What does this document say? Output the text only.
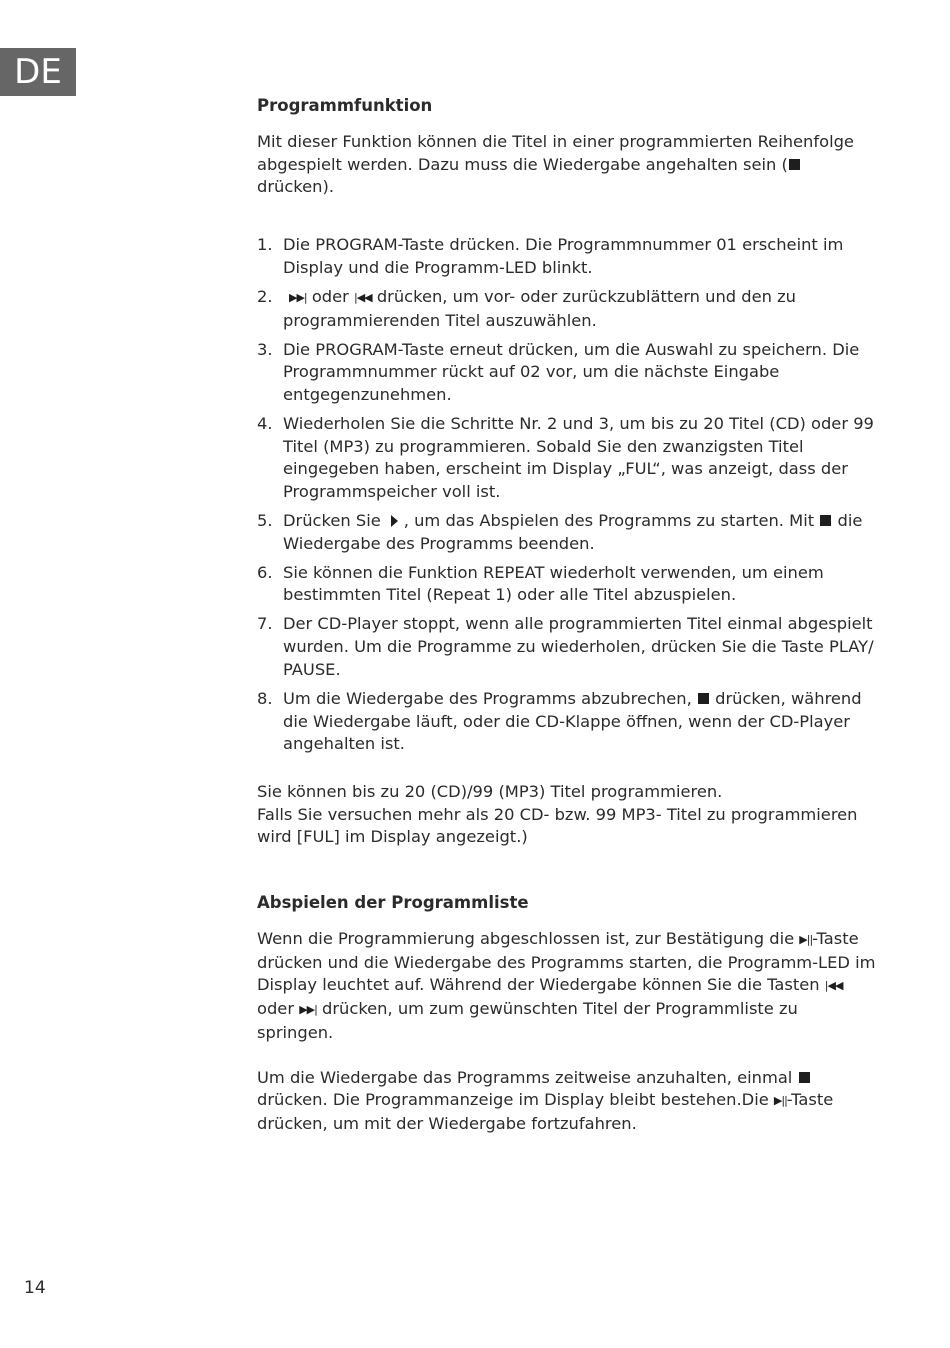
DE
Programmfunktion

Mit dieser Funktion können die Titel in einer programmierten Reihenfolge abgespielt werden. Dazu muss die Wiedergabe angehalten sein (
drücken).

1. Die PROGRAM-Taste drücken. Die Programmnummer 01 erscheint im Display und die Programm-LED blinkt.
2. ▶▶| oder |◀◀ drücken, um vor- oder zurückzublättern und den zu programmierenden Titel auszuwählen.
3. Die PROGRAM-Taste erneut drücken, um die Auswahl zu speichern. Die Programmnummer rückt auf 02 vor, um die nächste Eingabe entgegenzunehmen.
4. Wiederholen Sie die Schritte Nr. 2 und 3, um bis zu 20 Titel (CD) oder 99 Titel (MP3) zu programmieren. Sobald Sie den zwanzigsten Titel eingegeben haben, erscheint im Display „FUL“, was anzeigt, dass der Programmspeicher voll ist.
5. Drücken Sie , um das Abspielen des Programms zu starten. Mit die Wiedergabe des Programms beenden.
6. Sie können die Funktion REPEAT wiederholt verwenden, um einem bestimmten Titel (Repeat 1) oder alle Titel abzuspielen.
7. Der CD-Player stoppt, wenn alle programmierten Titel einmal abgespielt wurden. Um die Programme zu wiederholen, drücken Sie die Taste PLAY/ PAUSE.
8. Um die Wiedergabe des Programms abzubrechen, drücken, während die Wiedergabe läuft, oder die CD-Klappe öffnen, wenn der CD-Player angehalten ist.

Sie können bis zu 20 (CD)/99 (MP3) Titel programmieren.
Falls Sie versuchen mehr als 20 CD- bzw. 99 MP3- Titel zu programmieren wird [FUL] im Display angezeigt.)

Abspielen der Programmliste

Wenn die Programmierung abgeschlossen ist, zur Bestätigung die ▶||-Taste drücken und die Wiedergabe des Programms starten, die Programm-LED im Display leuchtet auf. Während der Wiedergabe können Sie die Tasten |◀◀ oder ▶▶| drücken, um zum gewünschten Titel der Programmliste zu springen.

Um die Wiedergabe das Programms zeitweise anzuhalten, einmal  drücken. Die Programmanzeige im Display bleibt bestehen.Die ▶||-Taste drücken, um mit der Wiedergabe fortzufahren.

14
